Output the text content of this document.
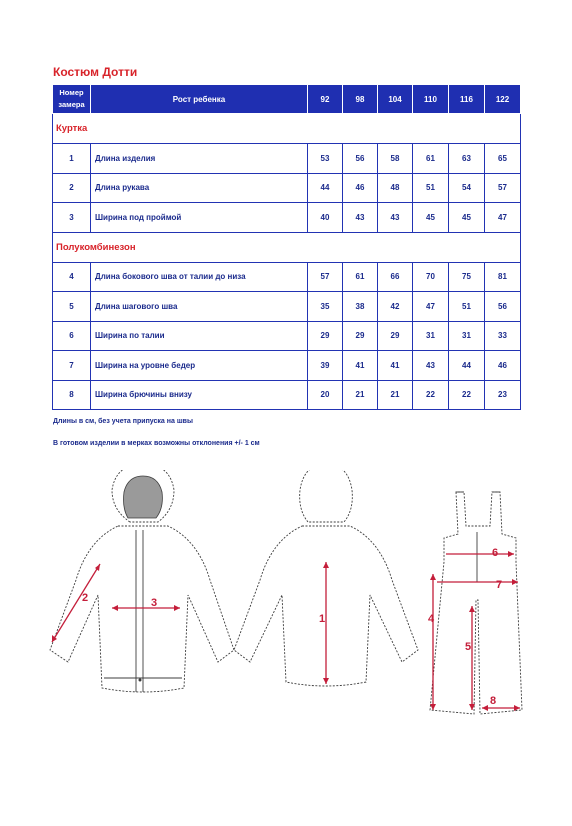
Костюм Дотти
Номер
замера	Рост ребенка	92	98	104	110	116	122
Куртка							
1	Длина изделия	53	56	58	61	63	65
2	Длина рукава	44	46	48	51	54	57
3	Ширина под проймой	40	43	43	45	45	47
Полукомбинезон							
4	Длина бокового шва от талии до низа	57	61	66	70	75	81
5	Длина шагового шва	35	38	42	47	51	56
6	Ширина по талии	29	29	29	31	31	33
7	Ширина на уровне бедер	39	41	41	43	44	46
8	Ширина брючины внизу	20	21	21	22	22	23
Длины в см, без учета припуска на швы
В готовом изделии в мерках возможны отклонения +/- 1 см
3
2
1
6
7
4
5
8
